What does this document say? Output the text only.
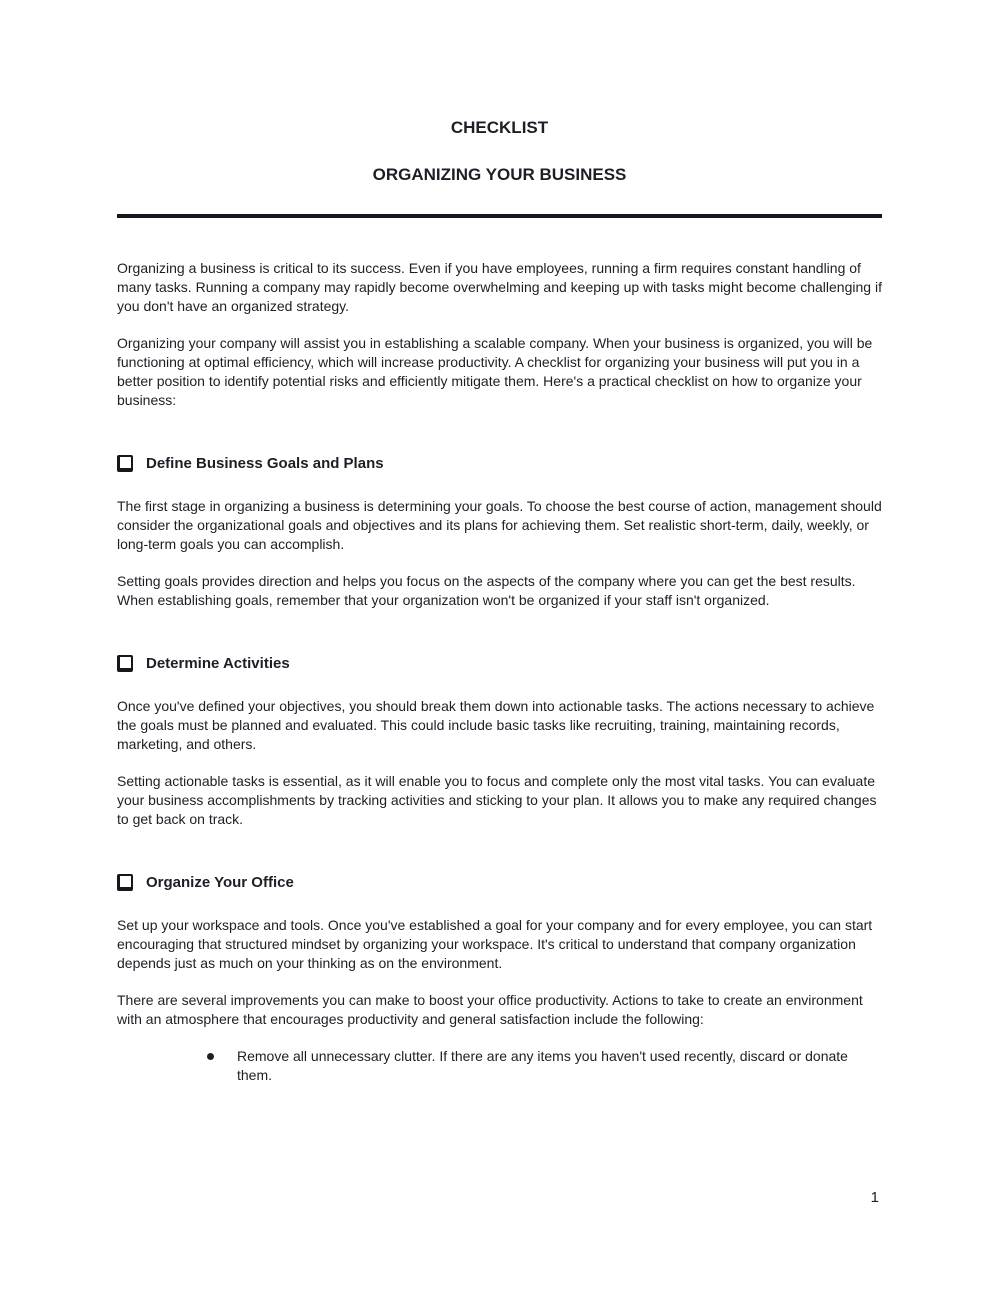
CHECKLIST
ORGANIZING YOUR BUSINESS

Organizing a business is critical to its success. Even if you have employees, running a firm requires constant handling of many tasks. Running a company may rapidly become overwhelming and keeping up with tasks might become challenging if you don't have an organized strategy.

Organizing your company will assist you in establishing a scalable company. When your business is organized, you will be functioning at optimal efficiency, which will increase productivity. A checklist for organizing your business will put you in a better position to identify potential risks and efficiently mitigate them. Here's a practical checklist on how to organize your business:

Define Business Goals and Plans

The first stage in organizing a business is determining your goals. To choose the best course of action, management should consider the organizational goals and objectives and its plans for achieving them. Set realistic short-term, daily, weekly, or long-term goals you can accomplish.

Setting goals provides direction and helps you focus on the aspects of the company where you can get the best results. When establishing goals, remember that your organization won't be organized if your staff isn't organized.

Determine Activities

Once you've defined your objectives, you should break them down into actionable tasks. The actions necessary to achieve the goals must be planned and evaluated. This could include basic tasks like recruiting, training, maintaining records, marketing, and others.

Setting actionable tasks is essential, as it will enable you to focus and complete only the most vital tasks. You can evaluate your business accomplishments by tracking activities and sticking to your plan. It allows you to make any required changes to get back on track.

Organize Your Office

Set up your workspace and tools. Once you've established a goal for your company and for every employee, you can start encouraging that structured mindset by organizing your workspace. It's critical to understand that company organization depends just as much on your thinking as on the environment.

There are several improvements you can make to boost your office productivity. Actions to take to create an environment with an atmosphere that encourages productivity and general satisfaction include the following:

Remove all unnecessary clutter. If there are any items you haven't used recently, discard or donate them.
1
